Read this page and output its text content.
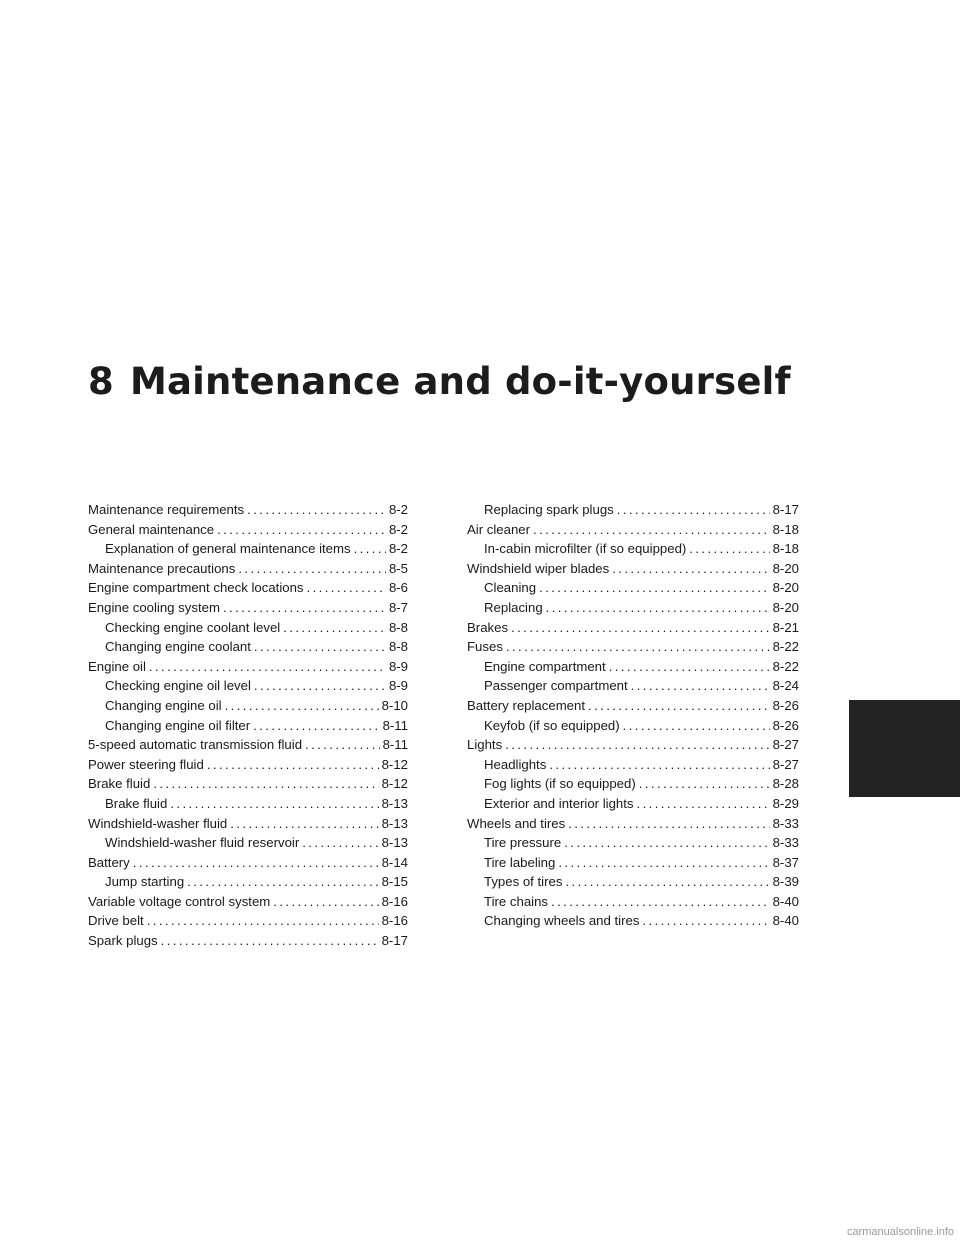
8 Maintenance and do-it-yourself
Maintenance requirements .....	8-2
General maintenance .....	8-2
Explanation of general maintenance items .....	8-2
Maintenance precautions .....	8-5
Engine compartment check locations .....	8-6
Engine cooling system .....	8-7
Checking engine coolant level .....	8-8
Changing engine coolant .....	8-8
Engine oil .....	8-9
Checking engine oil level .....	8-9
Changing engine oil .....	8-10
Changing engine oil filter .....	8-11
5-speed automatic transmission fluid .....	8-11
Power steering fluid .....	8-12
Brake fluid .....	8-12
Brake fluid .....	8-13
Windshield-washer fluid .....	8-13
Windshield-washer fluid reservoir .....	8-13
Battery .....	8-14
Jump starting .....	8-15
Variable voltage control system .....	8-16
Drive belt .....	8-16
Spark plugs .....	8-17
Replacing spark plugs .....	8-17
Air cleaner .....	8-18
In-cabin microfilter (if so equipped) .....	8-18
Windshield wiper blades .....	8-20
Cleaning .....	8-20
Replacing .....	8-20
Brakes .....	8-21
Fuses .....	8-22
Engine compartment .....	8-22
Passenger compartment .....	8-24
Battery replacement .....	8-26
Keyfob (if so equipped) .....	8-26
Lights .....	8-27
Headlights .....	8-27
Fog lights (if so equipped) .....	8-28
Exterior and interior lights .....	8-29
Wheels and tires .....	8-33
Tire pressure .....	8-33
Tire labeling .....	8-37
Types of tires .....	8-39
Tire chains .....	8-40
Changing wheels and tires .....	8-40
carmanualsonline.info
